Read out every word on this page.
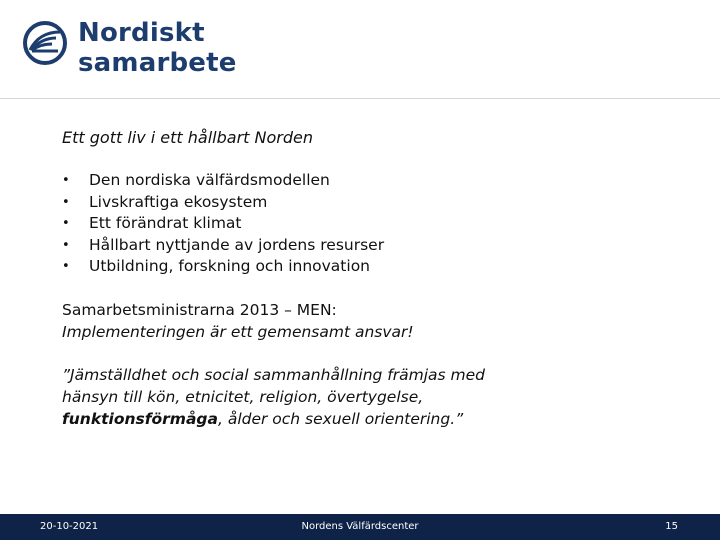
Nordiskt
samarbete
Ett gott liv i ett hållbart Norden
• Den nordiska välfärdsmodellen
• Livskraftiga ekosystem
• Ett förändrat klimat
• Hållbart nyttjande av jordens resurser
• Utbildning, forskning och innovation
Samarbetsministrarna 2013 – MEN:
Implementeringen är ett gemensamt ansvar!
”Jämställdhet och social sammanhållning främjas med
hänsyn till kön, etnicitet, religion, övertygelse,
funktionsförmåga, ålder och sexuell orientering.”
20-10-2021	Nordens Välfärdscenter	15
